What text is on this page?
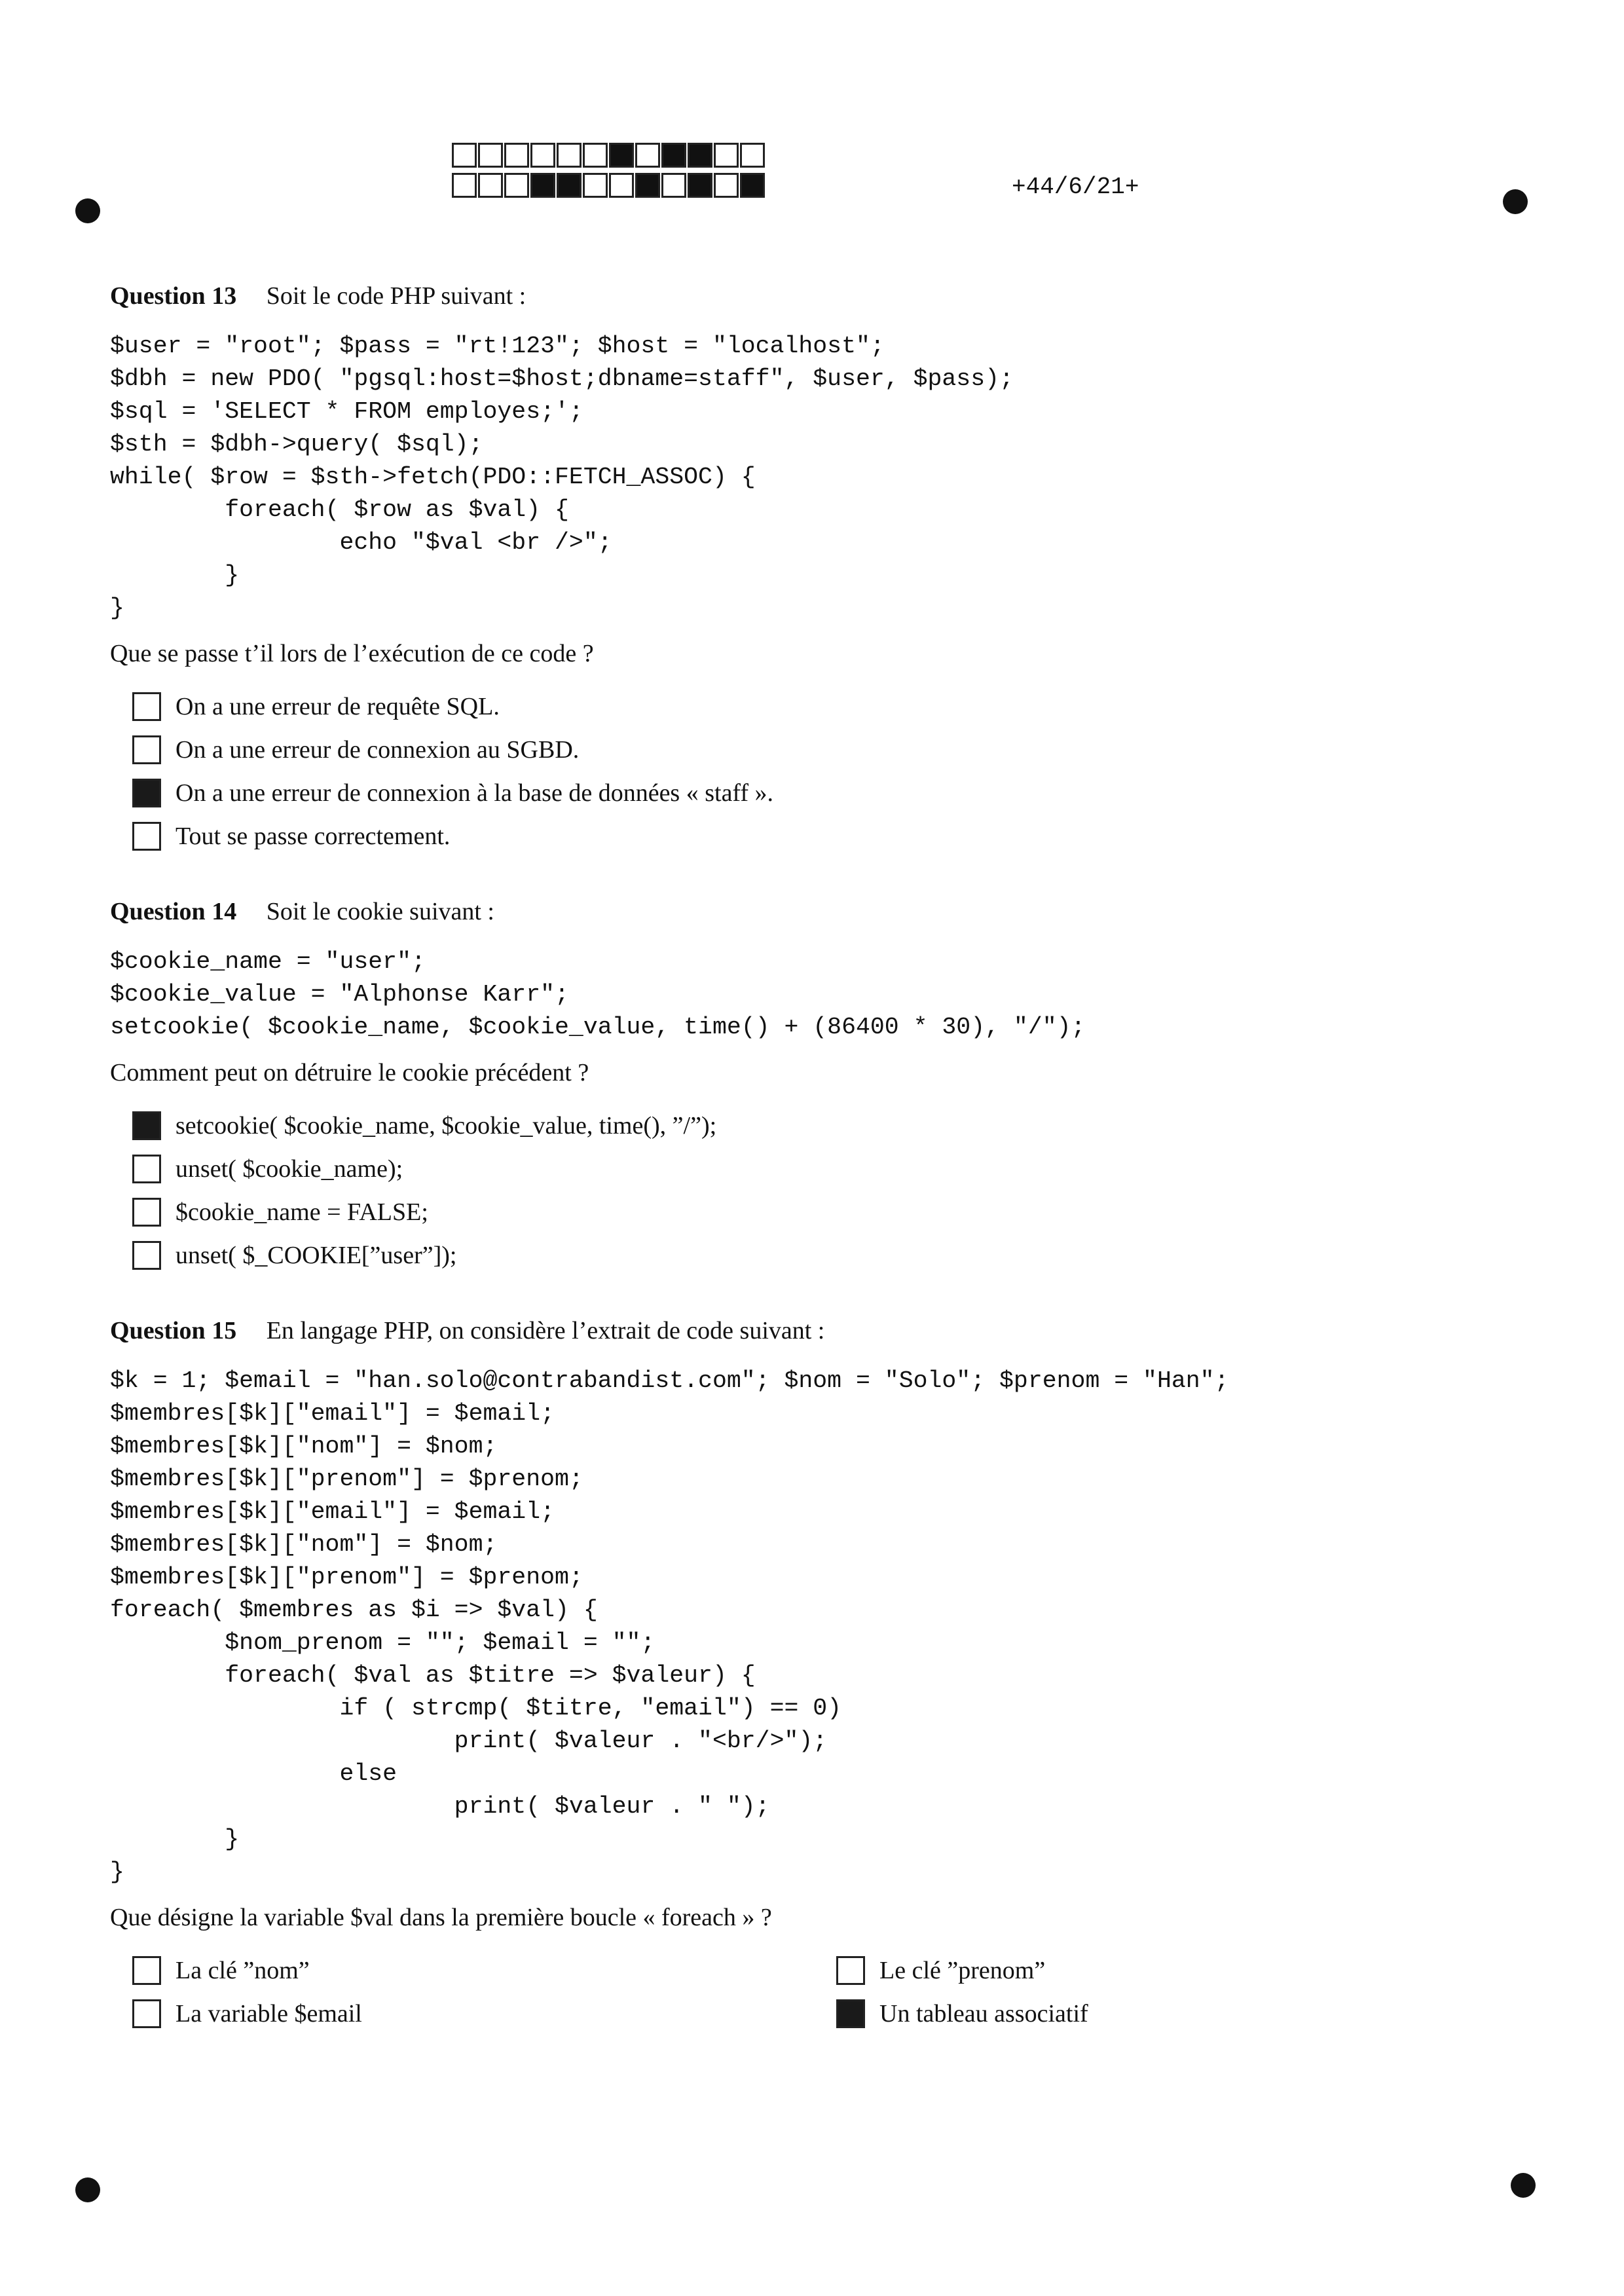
+44/6/21+

Question 13 Soit le code PHP suivant :

$user = "root"; $pass = "rt!123"; $host = "localhost";
$dbh = new PDO( "pgsql:host=$host;dbname=staff", $user, $pass);
$sql = 'SELECT * FROM employes;';
$sth = $dbh->query( $sql);
while( $row = $sth->fetch(PDO::FETCH_ASSOC) {
foreach( $row as $val) {
echo "$val <br />";
}
}

Que se passe t’il lors de l’exécution de ce code ?

On a une erreur de requête SQL.
On a une erreur de connexion au SGBD.
On a une erreur de connexion à la base de données « staff ».
Tout se passe correctement.

Question 14 Soit le cookie suivant :

$cookie_name = "user";
$cookie_value = "Alphonse Karr";
setcookie( $cookie_name, $cookie_value, time() + (86400 * 30), "/");

Comment peut on détruire le cookie précédent ?

setcookie( $cookie_name, $cookie_value, time(), ”/”);
unset( $cookie_name);
$cookie_name = FALSE;
unset( $_COOKIE[”user”]);

Question 15 En langage PHP, on considère l’extrait de code suivant :

$k = 1; $email = "han.solo@contrabandist.com"; $nom = "Solo"; $prenom = "Han";
$membres[$k]["email"] = $email;
$membres[$k]["nom"] = $nom;
$membres[$k]["prenom"] = $prenom;
$membres[$k]["email"] = $email;
$membres[$k]["nom"] = $nom;
$membres[$k]["prenom"] = $prenom;
foreach( $membres as $i => $val) {
$nom_prenom = ""; $email = "";
foreach( $val as $titre => $valeur) {
if ( strcmp( $titre, "email") == 0)
print( $valeur . "<br/>");
else
print( $valeur . " ");
}
}

Que désigne la variable $val dans la première boucle « foreach » ?

La clé ”nom”	Le clé ”prenom”
La variable $email	Un tableau associatif
